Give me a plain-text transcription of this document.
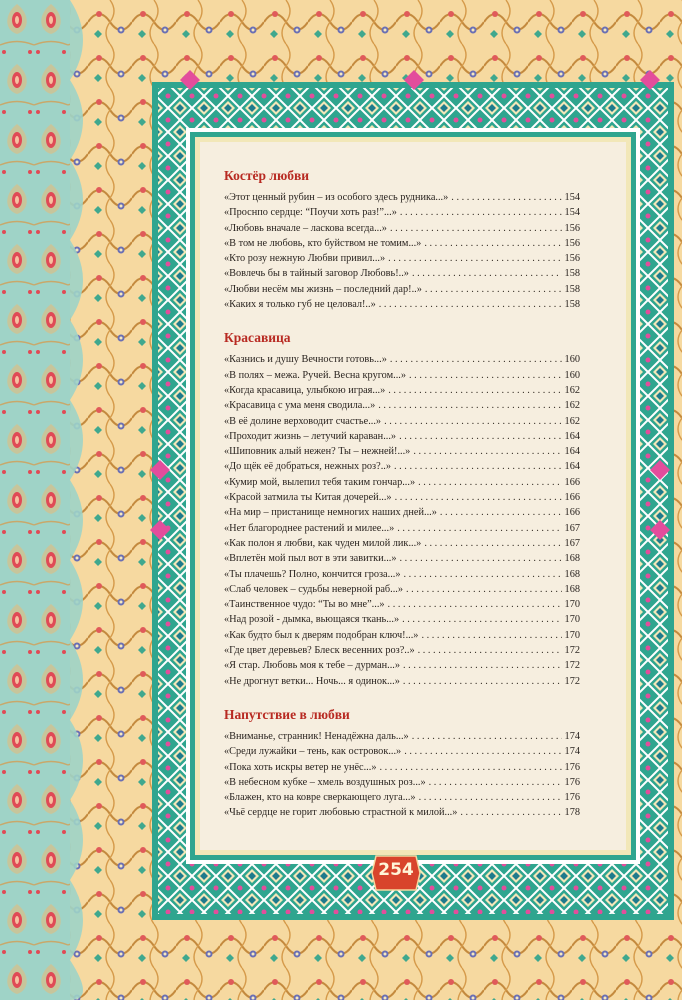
Костёр любви
«Этот ценный рубин – из особого здесь рудника...» . . .	154
«Проснпо сердце: “Поучи хоть раз!”...» . . .	154
«Любовь вначале – ласкова всегда...» . . .	156
«В том не любовь, кто буйством не томим...» . . .	156
«Кто розу нежную Любви привил...» . . .	156
«Вовлечь бы в тайный заговор Любовь!..» . . .	158
«Любви несём мы жизнь – последний дар!..» . . .	158
«Каких я только губ не целовал!..» . . .	158
Красавица
«Казнись и душу Вечности готовь...» . . .	160
«В полях – межа. Ручей. Весна кругом...» . . .	160
«Когда красавица, улыбкою играя...» . . .	162
«Красавица с ума меня сводила...» . . .	162
«В её долине верховодит счастье...» . . .	162
«Проходит жизнь – летучий караван...» . . .	164
«Шиповник алый нежен? Ты – нежней!...» . . .	164
«До щёк её добраться, нежных роз?..» . . .	164
«Кумир мой, вылепил тебя таким гончар...» . . .	166
«Красой затмила ты Китая дочерей...» . . .	166
«На мир – пристанище немногих наших дней...» . . .	166
«Нет благороднее растений и милее...» . . .	167
«Как полон я любви, как чуден милой лик...» . . .	167
«Вплетён мой пыл вот в эти завитки...» . . .	168
«Ты плачешь? Полно, кончится гроза...» . . .	168
«Слаб человек – судьбы неверной раб...» . . .	168
«Таинственное чудо: “Ты во мне”...» . . .	170
«Над розой - дымка, вьющаяся ткань...» . . .	170
«Как будто был к дверям подобран ключ!...» . . .	170
«Где цвет деревьев? Блеск весенних роз?..» . . .	172
«Я стар. Любовь моя к тебе – дурман...» . . .	172
«Не дрогнут ветки... Ночь... я одинок...» . . .	172
Напутствие в любви
«Вниманье, странник! Ненадёжна даль...» . . .	174
«Среди лужайки – тень, как островок...» . . .	174
«Пока хоть искры ветер не унёс...» . . .	176
«В небесном кубке – хмель воздушных роз...» . . .	176
«Блажен, кто на ковре сверкающего луга...» . . .	176
«Чьё сердце не горит любовью страстной к милой...» . . .	178
254
